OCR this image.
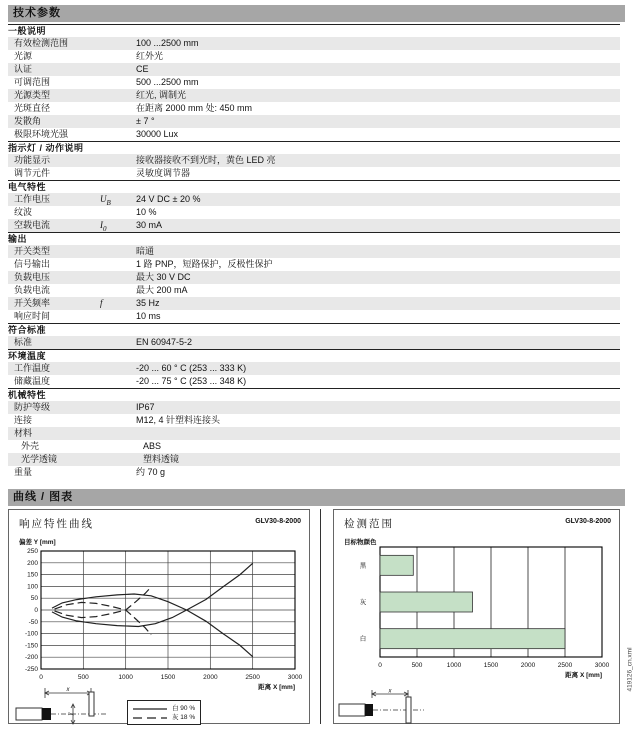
技术参数
一般说明
有效检测范围	100 ...2500 mm
光源	红外光
认证	CE
可调范围	500 ...2500 mm
光源类型	红光, 调制光
光斑直径	在距离 2000 mm 处: 450 mm
发散角	± 7 °
极限环境光强	30000 Lux
指示灯 / 动作说明
功能显示	接收器接收不到光时，黄色 LED 亮
调节元件	灵敏度调节器
电气特性
工作电压	$U_B$	24 V DC ± 20 %
纹波	10 %
空载电流	$I_0$	30 mA
输出
开关类型	暗通
信号输出	1 路 PNP，短路保护，反极性保护
负载电压	最大 30 V DC
负载电流	最大 200 mA
开关频率	f	35 Hz
响应时间	10 ms
符合标准
标准	EN 60947-5-2
环境温度
工作温度	-20 ... 60 ° C (253 ... 333 K)
储藏温度	-20 ... 75 ° C (253 ... 348 K)
机械特性
防护等级	IP67
连接	M12, 4 针塑料连接头
材料
外壳	ABS
光学透镜	塑料透镜
重量	约 70 g
曲线 / 图表
响应特性曲线	GLV30-8-2000
偏差 Y [mm]
250
200
150
100
50
0
-50
-100
-150
-200
-250
0	500	1000	1500	2000	2500	3000
距离 X [mm]
x
y
白 90 %
灰 18 %
检测范围	GLV30-8-2000
目标物颜色
0	500	1000	1500	2000	2500	3000
黑
灰
白
距离 X [mm]
x	419126_cn.xml
